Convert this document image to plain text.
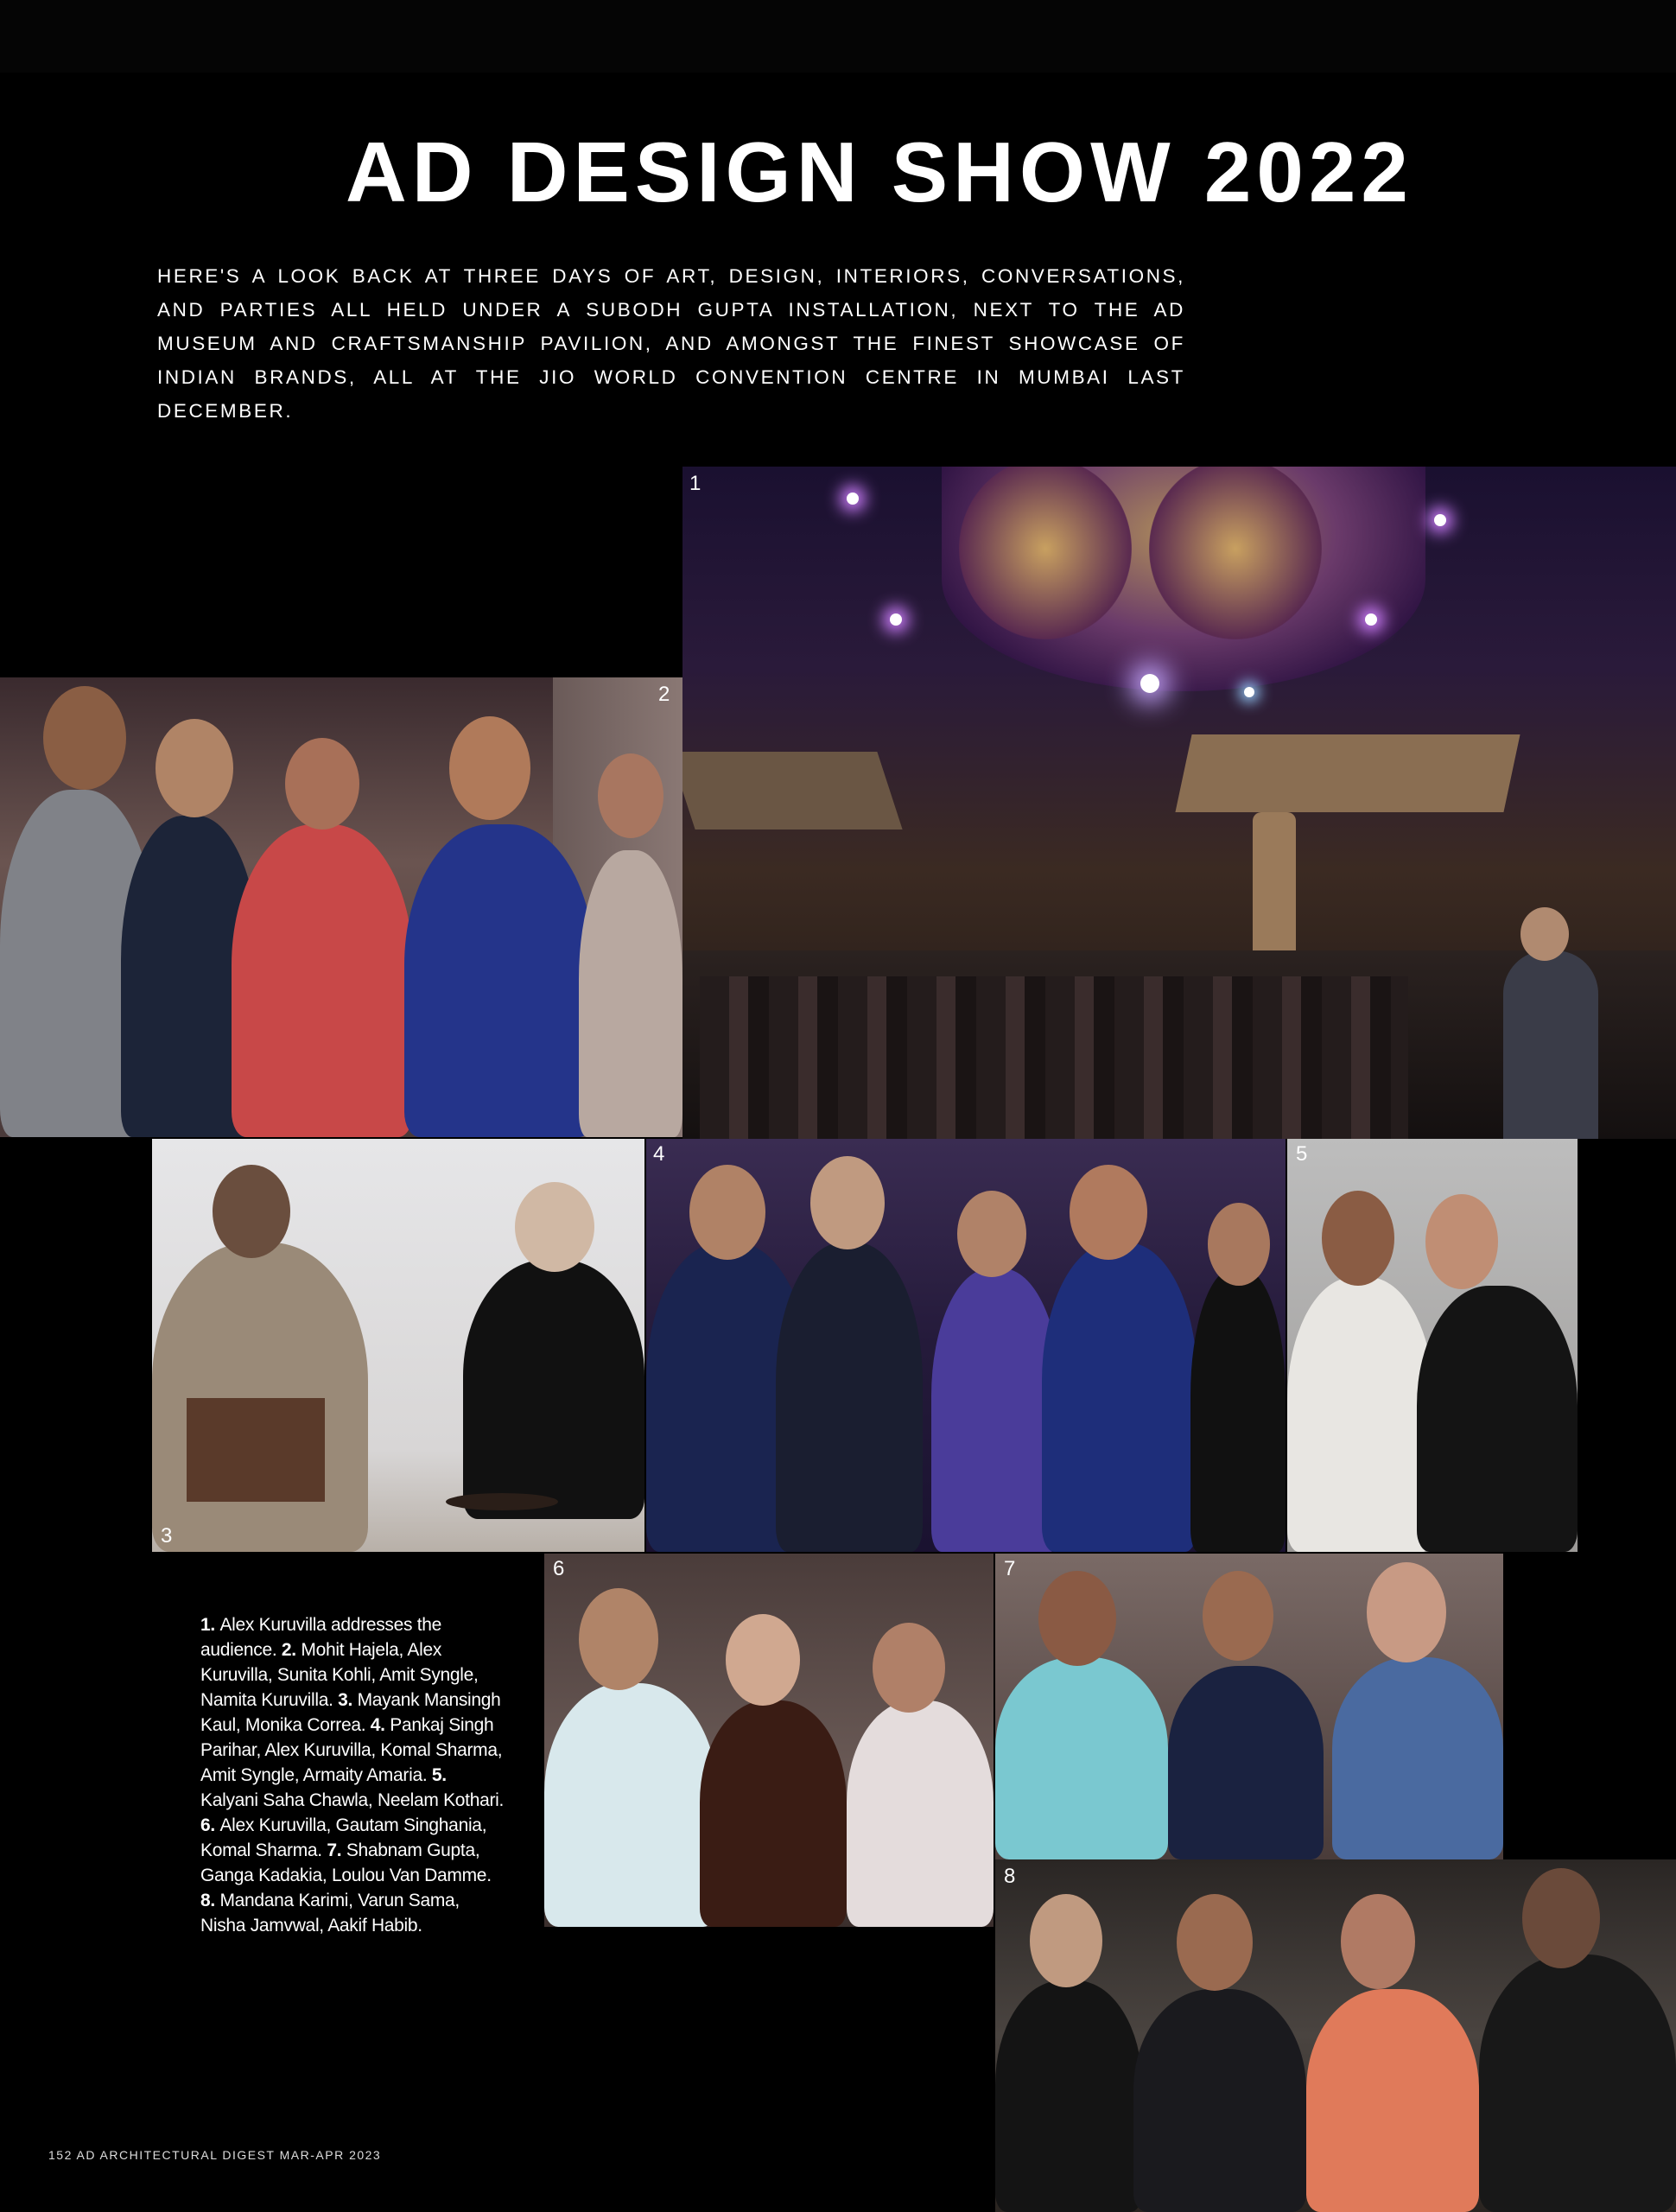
AD DESIGN SHOW 2022

HERE'S A LOOK BACK AT THREE DAYS OF ART, DESIGN, INTERIORS, CONVERSATIONS, AND PARTIES ALL HELD UNDER A SUBODH GUPTA INSTALLATION, NEXT TO THE AD MUSEUM AND CRAFTSMANSHIP PAVILION, AND AMONGST THE FINEST SHOWCASE OF INDIAN BRANDS, ALL AT THE JIO WORLD CONVENTION CENTRE IN MUMBAI LAST DECEMBER.

1
2
3
4	5
6	7
8
1. Alex Kuruvilla addresses the audience. 2. Mohit Hajela, Alex Kuruvilla, Sunita Kohli, Amit Syngle, Namita Kuruvilla. 3. Mayank Mansingh Kaul, Monika Correa. 4. Pankaj Singh Parihar, Alex Kuruvilla, Komal Sharma, Amit Syngle, Armaity Amaria. 5. Kalyani Saha Chawla, Neelam Kothari. 6. Alex Kuruvilla, Gautam Singhania, Komal Sharma. 7. Shabnam Gupta, Ganga Kadakia, Loulou Van Damme. 8. Mandana Karimi, Varun Sama, Nisha Jamvwal, Aakif Habib.
152 AD ARCHITECTURAL DIGEST MAR-APR 2023
